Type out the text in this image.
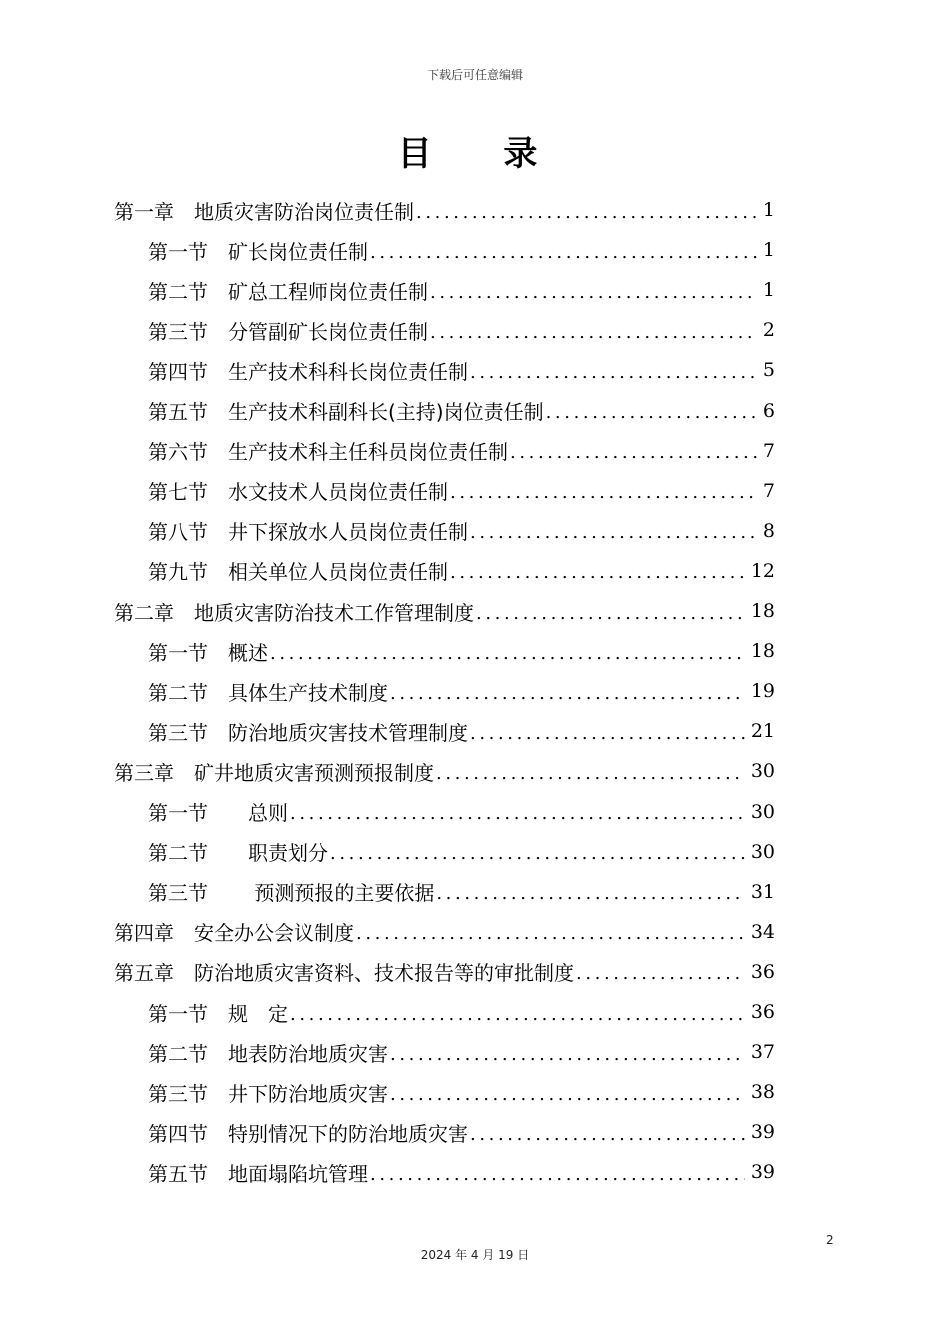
下载后可任意编辑
目 录
第一章　地质灾害防治岗位责任制 .....	1
第一节　矿长岗位责任制 .....	1
第二节　矿总工程师岗位责任制 .....	1
第三节　分管副矿长岗位责任制 .....	2
第四节　生产技术科科长岗位责任制 .....	5
第五节　生产技术科副科长(主持)岗位责任制 .....	6
第六节　生产技术科主任科员岗位责任制 .....	7
第七节　水文技术人员岗位责任制 .....	7
第八节　井下探放水人员岗位责任制 .....	8
第九节　相关单位人员岗位责任制 .....	12
第二章　地质灾害防治技术工作管理制度 .....	18
第一节　概述 .....	18
第二节　具体生产技术制度 .....	19
第三节　防治地质灾害技术管理制度 .....	21
第三章　矿井地质灾害预测预报制度 .....	30
第一节　　总则 .....	30
第二节　　职责划分 .....	30
第三节　　 预测预报的主要依据 .....	31
第四章　安全办公会议制度 .....	34
第五章　防治地质灾害资料、技术报告等的审批制度 .....	36
第一节　规　定 .....	36
第二节　地表防治地质灾害 .....	37
第三节　井下防治地质灾害 .....	38
第四节　特别情况下的防治地质灾害 .....	39
第五节　地面塌陷坑管理 .....	39
2
2024 年 4 月 19 日
